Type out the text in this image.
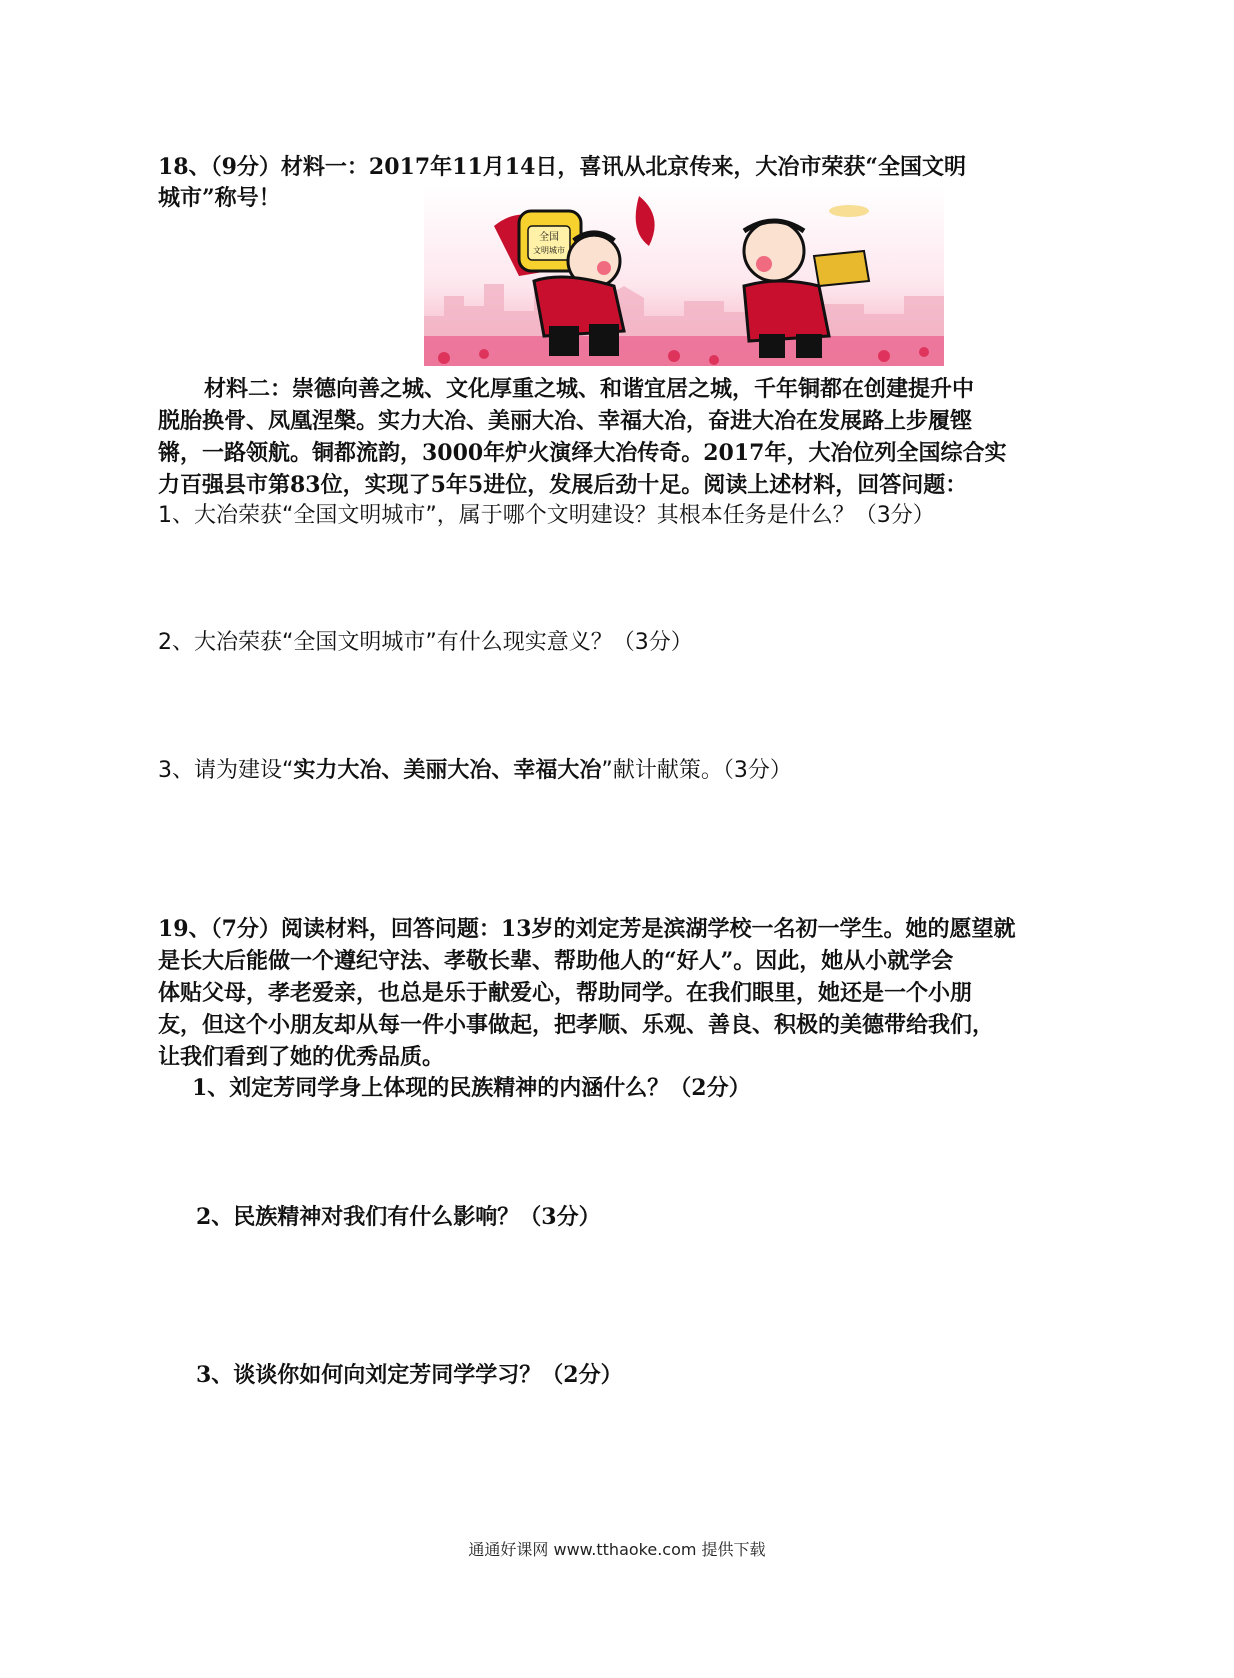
18、（9分）材料一：2017年11月14日，喜讯从北京传来，大冶市荣获“全国文明
城市”称号！
全国
文明城市
材料二：崇德向善之城、文化厚重之城、和谐宜居之城，千年铜都在创建提升中
脱胎换骨、凤凰涅槃。实力大冶、美丽大冶、幸福大冶，奋进大冶在发展路上步履铿
锵，一路领航。铜都流韵，3000年炉火演绎大冶传奇。2017年，大冶位列全国综合实
力百强县市第83位，实现了5年5进位，发展后劲十足。阅读上述材料，回答问题：
1、大冶荣获“全国文明城市”，属于哪个文明建设？其根本任务是什么？（3分）
2、大冶荣获“全国文明城市”有什么现实意义？（3分）
3、请为建设“实力大冶、美丽大冶、幸福大冶”献计献策。（3分）
19、（7分）阅读材料，回答问题：13岁的刘定芳是滨湖学校一名初一学生。她的愿望就
是长大后能做一个遵纪守法、孝敬长辈、帮助他人的“好人”。因此，她从小就学会
体贴父母，孝老爱亲，也总是乐于献爱心，帮助同学。在我们眼里，她还是一个小朋
友，但这个小朋友却从每一件小事做起，把孝顺、乐观、善良、积极的美德带给我们，
让我们看到了她的优秀品质。
1、刘定芳同学身上体现的民族精神的内涵什么？（2分）
2、民族精神对我们有什么影响？（3分）
3、谈谈你如何向刘定芳同学学习？（2分）
通通好课网 www.tthaoke.com 提供下载
